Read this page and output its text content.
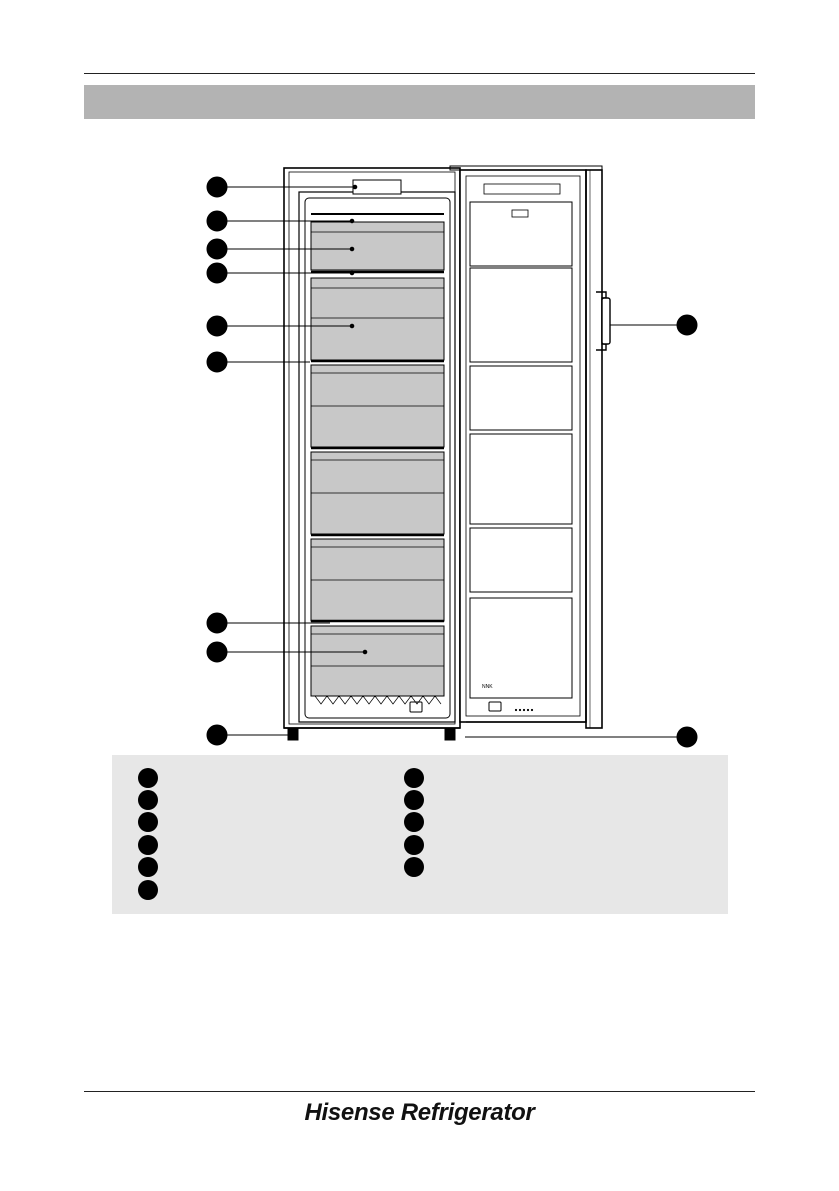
NNK
Hisense Refrigerator
